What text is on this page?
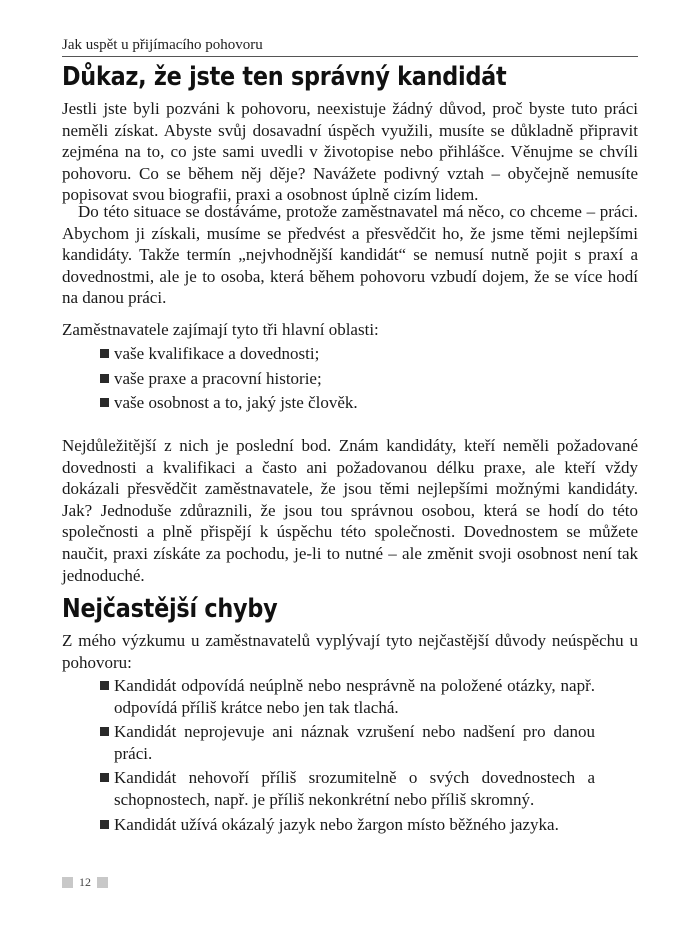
Jak uspět u přijímacího pohovoru
Důkaz, že jste ten správný kandidát

Jestli jste byli pozváni k pohovoru, neexistuje žádný důvod, proč byste tuto práci neměli získat. Abyste svůj dosavadní úspěch využili, musíte se důkladně připravit zejména na to, co jste sami uvedli v životopise nebo přihlášce. Věnujme se chvíli pohovoru. Co se během něj děje? Navážete podivný vztah – obyčejně nemusíte popisovat svou biografii, praxi a osobnost úplně cizím lidem.

Do této situace se dostáváme, protože zaměstnavatel má něco, co chceme – práci. Abychom ji získali, musíme se předvést a přesvědčit ho, že jsme těmi nejlepšími kandidáty. Takže termín „nejvhodnější kandidát“ se nemusí nutně pojit s praxí a dovednostmi, ale je to osoba, která během pohovoru vzbudí dojem, že se více hodí na danou práci.

Zaměstnavatele zajímají tyto tři hlavní oblasti:

vaše kvalifikace a dovednosti;
vaše praxe a pracovní historie;
vaše osobnost a to, jaký jste člověk.

Nejdůležitější z nich je poslední bod. Znám kandidáty, kteří neměli požadované dovednosti a kvalifikaci a často ani požadovanou délku praxe, ale kteří vždy dokázali přesvědčit zaměstnavatele, že jsou těmi nejlepšími možnými kandidáty. Jak? Jednoduše zdůraznili, že jsou tou správnou osobou, která se hodí do této společnosti a plně přispějí k úspěchu této společnosti. Dovednostem se můžete naučit, praxi získáte za pochodu, je-li to nutné – ale změnit svoji osobnost není tak jednoduché.

Nejčastější chyby

Z mého výzkumu u zaměstnavatelů vyplývají tyto nejčastější důvody neúspěchu u pohovoru:

Kandidát odpovídá neúplně nebo nesprávně na položené otázky, např. odpovídá příliš krátce nebo jen tak tlachá.
Kandidát neprojevuje ani náznak vzrušení nebo nadšení pro danou práci.
Kandidát nehovoří příliš srozumitelně o svých dovednostech a schopnostech, např. je příliš nekonkrétní nebo příliš skromný.
Kandidát užívá okázalý jazyk nebo žargon místo běžného jazyka.
12
